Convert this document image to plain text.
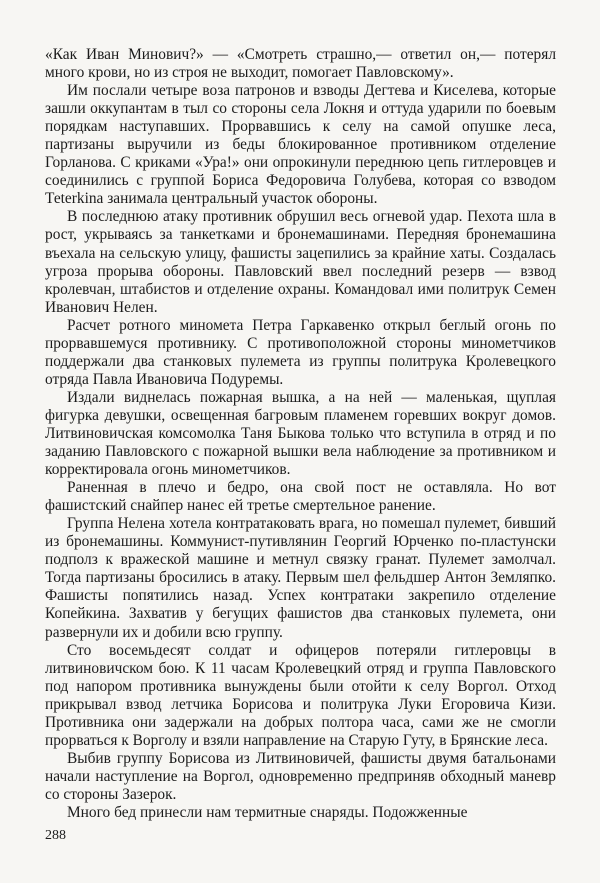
«Как Иван Минович?» — «Смотреть страшно,— ответил он,— потерял много крови, но из строя не выходит, помогает Павловскому».

Им послали четыре воза патронов и взводы Дегтева и Киселева, которые зашли оккупантам в тыл со стороны села Локня и оттуда ударили по боевым порядкам наступавших. Прорвавшись к селу на самой опушке леса, партизаны выручили из беды блокированное противником отделение Горланова. С криками «Ура!» они опрокинули переднюю цепь гитлеровцев и соединились с группой Бориса Федоровича Голубева, которая со взводом Теterkina занимала центральный участок обороны.

В последнюю атаку противник обрушил весь огневой удар. Пехота шла в рост, укрываясь за танкетками и бронемашинами. Передняя бронемашина въехала на сельскую улицу, фашисты зацепились за крайние хаты. Создалась угроза прорыва обороны. Павловский ввел последний резерв — взвод кролевчан, штабистов и отделение охраны. Командовал ими политрук Семен Иванович Нелен.

Расчет ротного миномета Петра Гаркавенко открыл беглый огонь по прорвавшемуся противнику. С противоположной стороны минометчиков поддержали два станковых пулемета из группы политрука Кролевецкого отряда Павла Ивановича Подуремы.

Издали виднелась пожарная вышка, а на ней — маленькая, щуплая фигурка девушки, освещенная багровым пламенем горевших вокруг домов. Литвиновичская комсомолка Таня Быкова только что вступила в отряд и по заданию Павловского с пожарной вышки вела наблюдение за противником и корректировала огонь минометчиков.

Раненная в плечо и бедро, она свой пост не оставляла. Но вот фашистский снайпер нанес ей третье смертельное ранение.

Группа Нелена хотела контратаковать врага, но помешал пулемет, бивший из бронемашины. Коммунист-путивлянин Георгий Юрченко по-пластунски подполз к вражеской машине и метнул связку гранат. Пулемет замолчал. Тогда партизаны бросились в атаку. Первым шел фельдшер Антон Земляпко. Фашисты попятились назад. Успех контратаки закрепило отделение Копейкина. Захватив у бегущих фашистов два станковых пулемета, они развернули их и добили всю группу.

Сто восемьдесят солдат и офицеров потеряли гитлеровцы в литвиновичском бою. К 11 часам Кролевецкий отряд и группа Павловского под напором противника вынуждены были отойти к селу Воргол. Отход прикрывал взвод летчика Борисова и политрука Луки Егоровича Кизи. Противника они задержали на добрых полтора часа, сами же не смогли прорваться к Ворголу и взяли направление на Старую Гуту, в Брянские леса.

Выбив группу Борисова из Литвиновичей, фашисты двумя батальонами начали наступление на Воргол, одновременно предприняв обходный маневр со стороны Зазерок.

Много бед принесли нам термитные снаряды. Подожженные

288
